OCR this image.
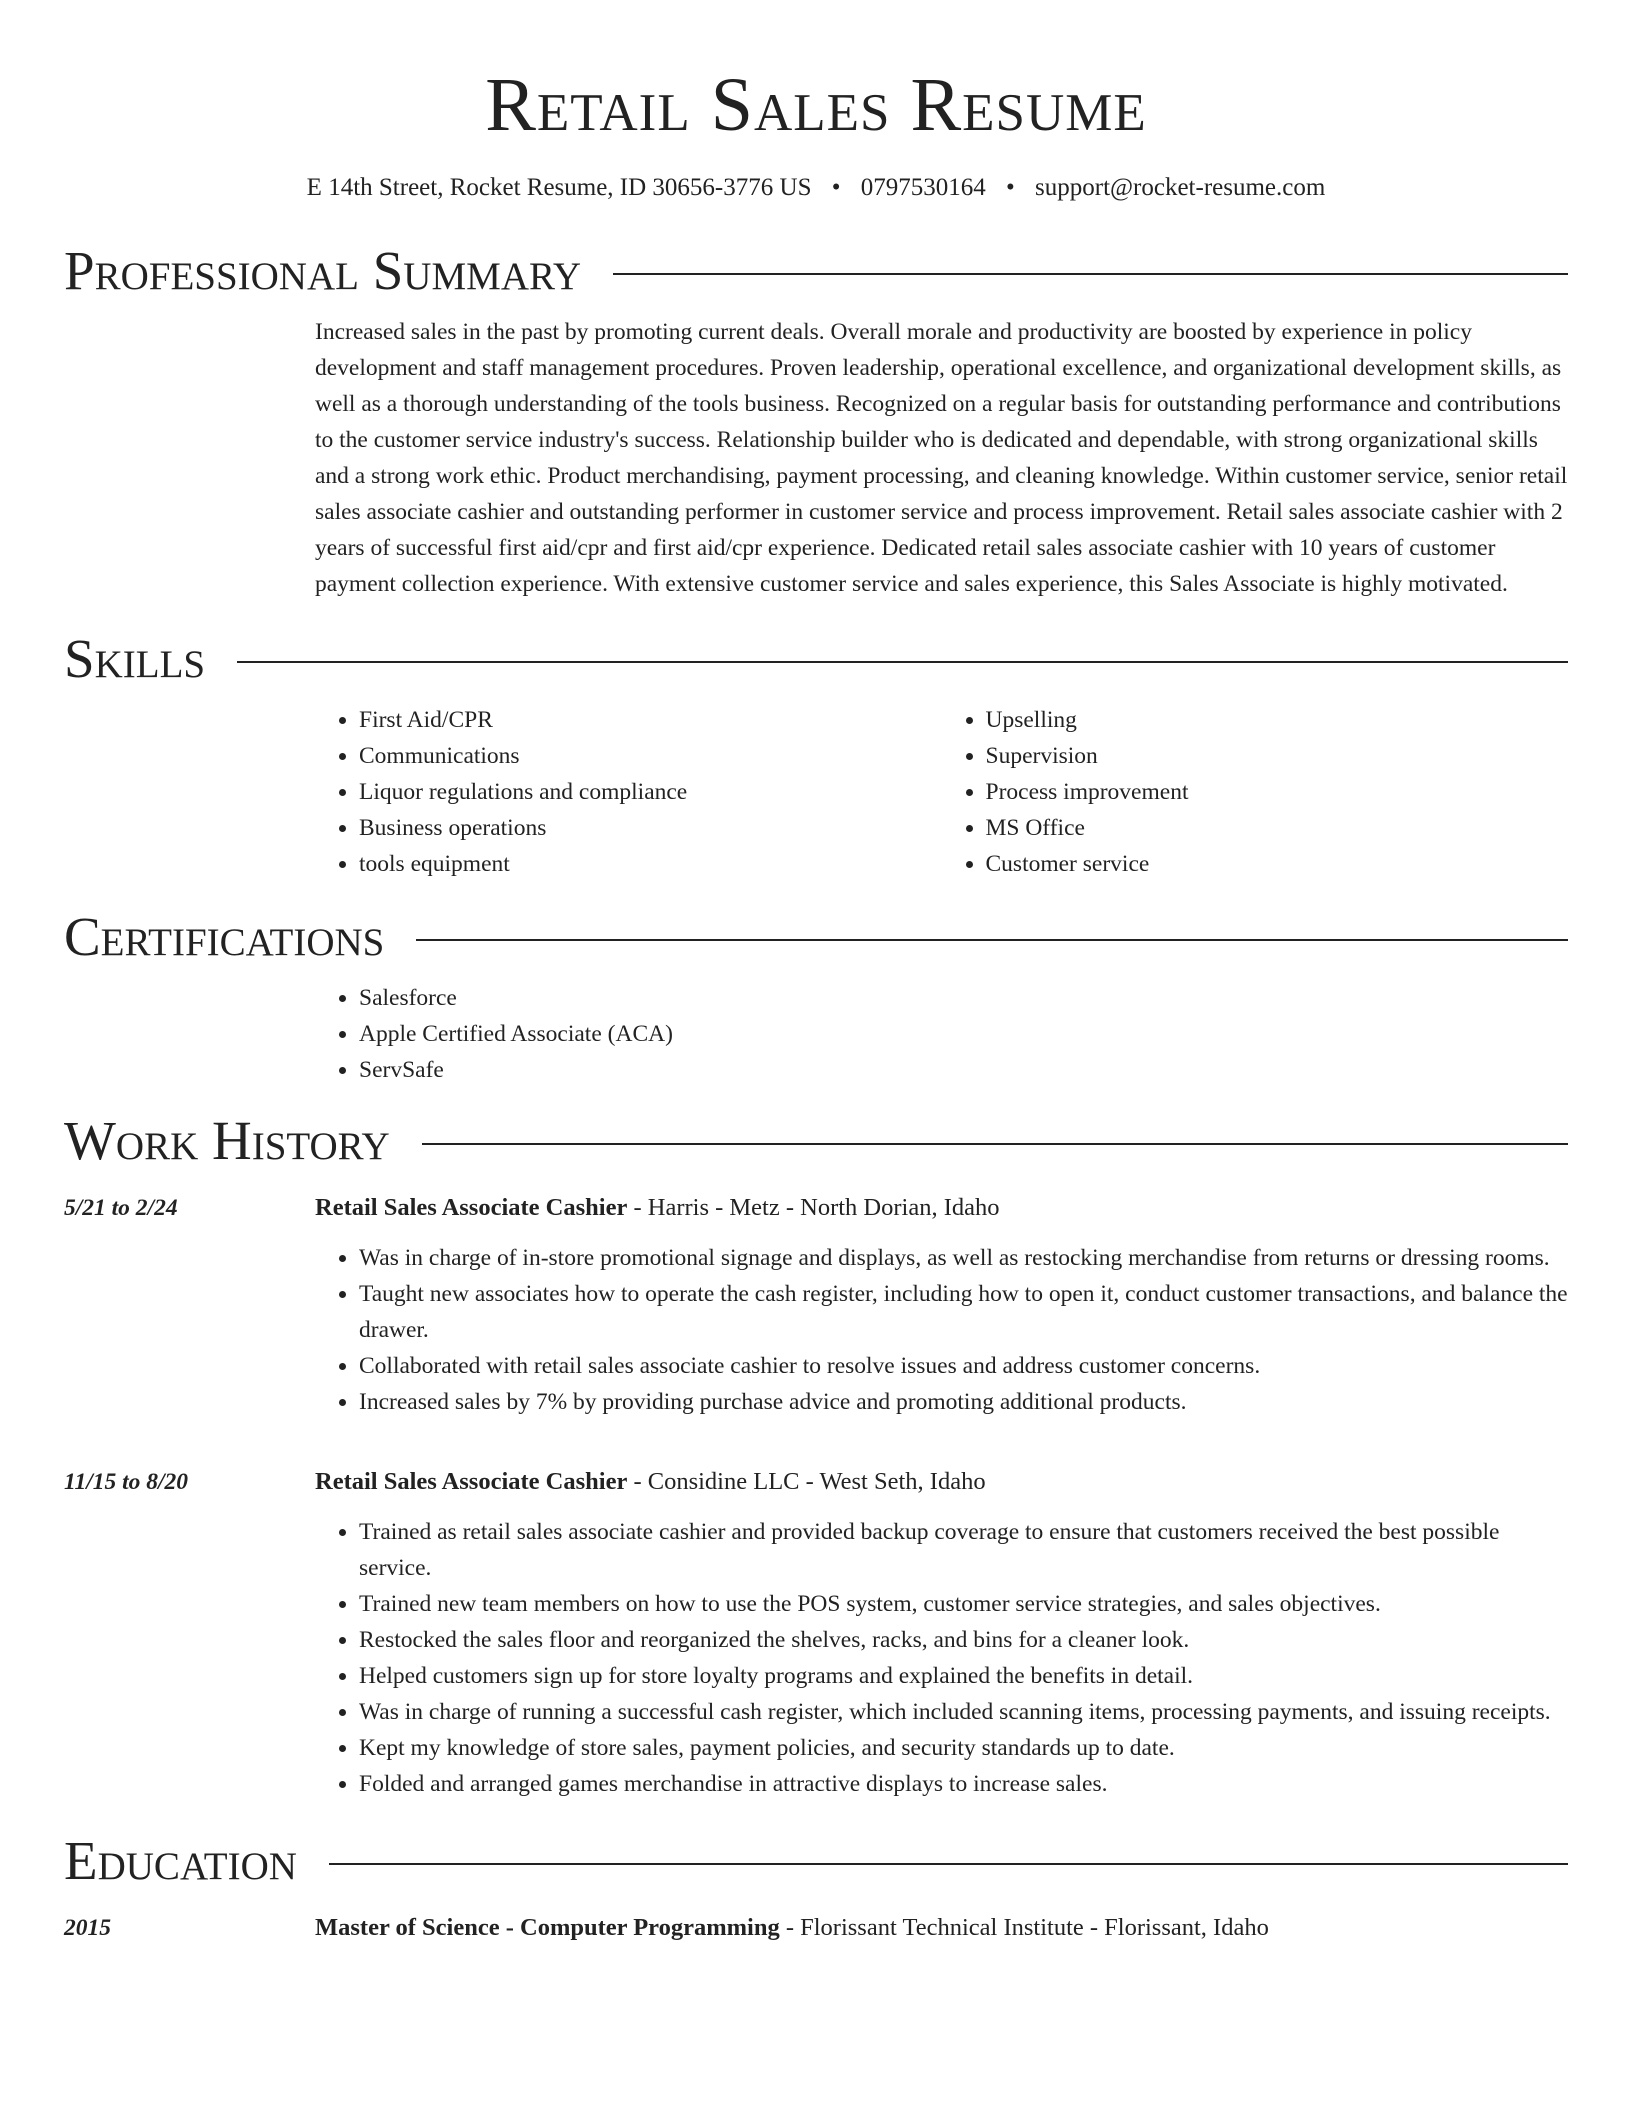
Retail Sales Resume
E 14th Street, Rocket Resume, ID 30656-3776 US • 0797530164 • support@rocket-resume.com
Professional Summary
Increased sales in the past by promoting current deals. Overall morale and productivity are boosted by experience in policy development and staff management procedures. Proven leadership, operational excellence, and organizational development skills, as well as a thorough understanding of the tools business. Recognized on a regular basis for outstanding performance and contributions to the customer service industry's success. Relationship builder who is dedicated and dependable, with strong organizational skills and a strong work ethic. Product merchandising, payment processing, and cleaning knowledge. Within customer service, senior retail sales associate cashier and outstanding performer in customer service and process improvement. Retail sales associate cashier with 2 years of successful first aid/cpr and first aid/cpr experience. Dedicated retail sales associate cashier with 10 years of customer payment collection experience. With extensive customer service and sales experience, this Sales Associate is highly motivated.
Skills
• First Aid/CPR
• Communications
• Liquor regulations and compliance
• Business operations
• tools equipment
• Upselling
• Supervision
• Process improvement
• MS Office
• Customer service
Certifications
• Salesforce
• Apple Certified Associate (ACA)
• ServSafe
Work History
5/21 to 2/24	Retail Sales Associate Cashier - Harris - Metz - North Dorian, Idaho
• Was in charge of in-store promotional signage and displays, as well as restocking merchandise from returns or dressing rooms.
• Taught new associates how to operate the cash register, including how to open it, conduct customer transactions, and balance the drawer.
• Collaborated with retail sales associate cashier to resolve issues and address customer concerns.
• Increased sales by 7% by providing purchase advice and promoting additional products.
11/15 to 8/20	Retail Sales Associate Cashier - Considine LLC - West Seth, Idaho
• Trained as retail sales associate cashier and provided backup coverage to ensure that customers received the best possible service.
• Trained new team members on how to use the POS system, customer service strategies, and sales objectives.
• Restocked the sales floor and reorganized the shelves, racks, and bins for a cleaner look.
• Helped customers sign up for store loyalty programs and explained the benefits in detail.
• Was in charge of running a successful cash register, which included scanning items, processing payments, and issuing receipts.
• Kept my knowledge of store sales, payment policies, and security standards up to date.
• Folded and arranged games merchandise in attractive displays to increase sales.
Education
2015	Master of Science - Computer Programming - Florissant Technical Institute - Florissant, Idaho
